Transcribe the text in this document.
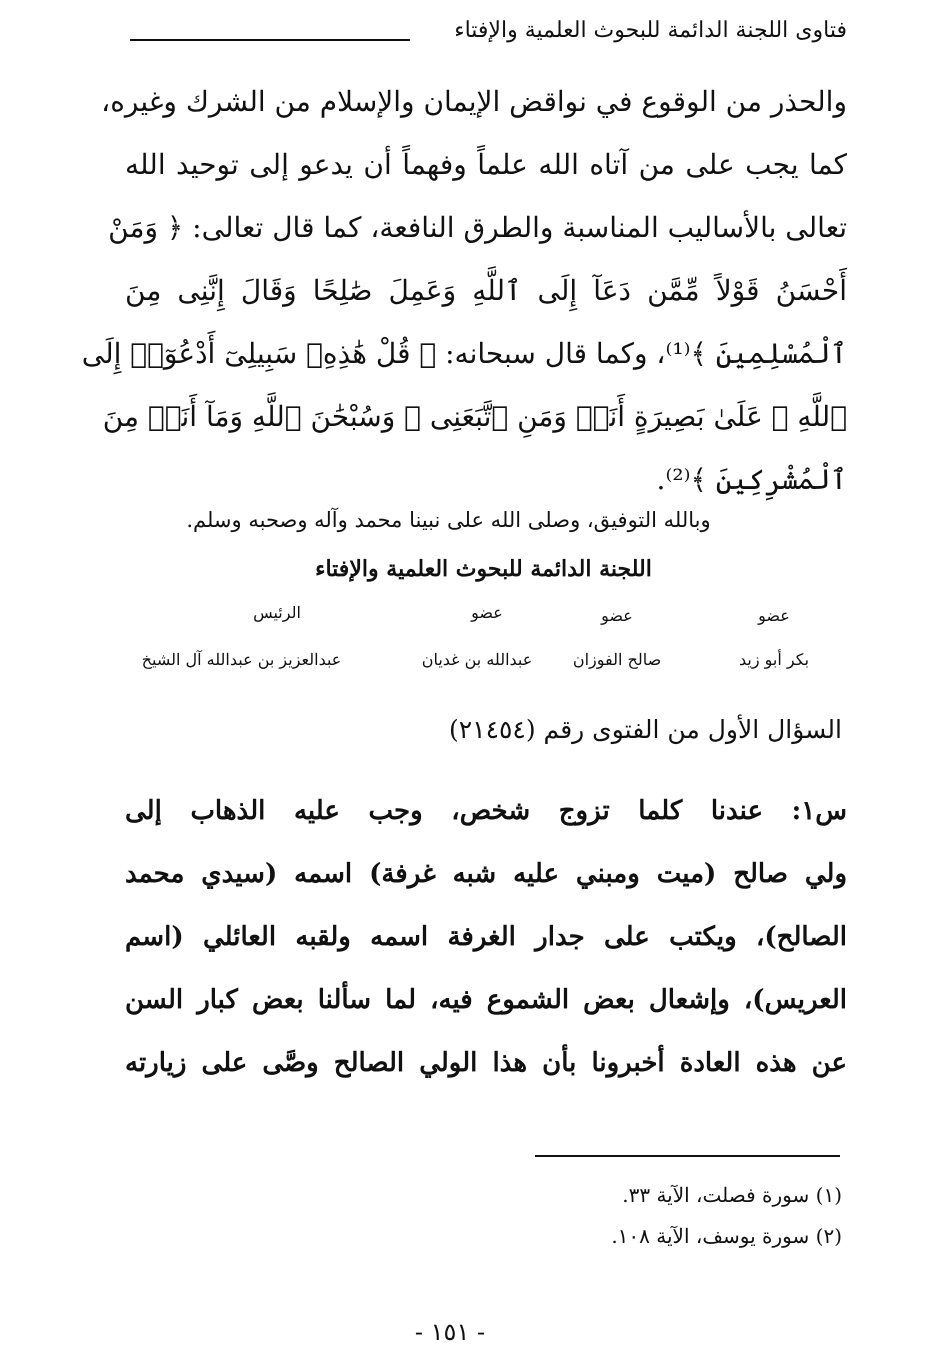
فتاوى اللجنة الدائمة للبحوث العلمية والإفتاء
والحذر من الوقوع في نواقض الإيمان والإسلام من الشرك وغيره،
كما يجب على من آتاه الله علماً وفهماً أن يدعو إلى توحيد الله
تعالى بالأساليب المناسبة والطرق النافعة، كما قال تعالى: ﴿ وَمَنْ
أَحْسَنُ قَوْلاً مِّمَّن دَعَآ إِلَى ٱللَّهِ وَعَمِلَ صَٰلِحًا وَقَالَ إِنَّنِى مِنَ
ٱلْمُسْلِمِينَ ﴾⁽¹⁾، وكما قال سبحانه: ﴿ قُلْ هَٰذِهِۦ سَبِيلِىٓ أَدْعُوٓا۟ إِلَى
ٱللَّهِ ۚ عَلَىٰ بَصِيرَةٍ أَنَا۠ وَمَنِ ٱتَّبَعَنِى ۖ وَسُبْحَٰنَ ٱللَّهِ وَمَآ أَنَا۠ مِنَ
ٱلْمُشْرِكِينَ ﴾⁽²⁾.
وبالله التوفيق، وصلى الله على نبينا محمد وآله وصحبه وسلم.
اللجنة الدائمة للبحوث العلمية والإفتاء
عضو
بكر أبو زيد
عضو
صالح الفوزان
عضو
عبدالله بن غديان
الرئيس
عبدالعزيز بن عبدالله آل الشيخ
السؤال الأول من الفتوى رقم (٢١٤٥٤)
س١: عندنا كلما تزوج شخص، وجب عليه الذهاب إلى
ولي صالح (ميت ومبني عليه شبه غرفة) اسمه (سيدي محمد
الصالح)، ويكتب على جدار الغرفة اسمه ولقبه العائلي (اسم
العريس)، وإشعال بعض الشموع فيه، لما سألنا بعض كبار السن
عن هذه العادة أخبرونا بأن هذا الولي الصالح وصَّى على زيارته
(١) سورة فصلت، الآية ٣٣.
(٢) سورة يوسف، الآية ١٠٨.
- ١٥١ -
